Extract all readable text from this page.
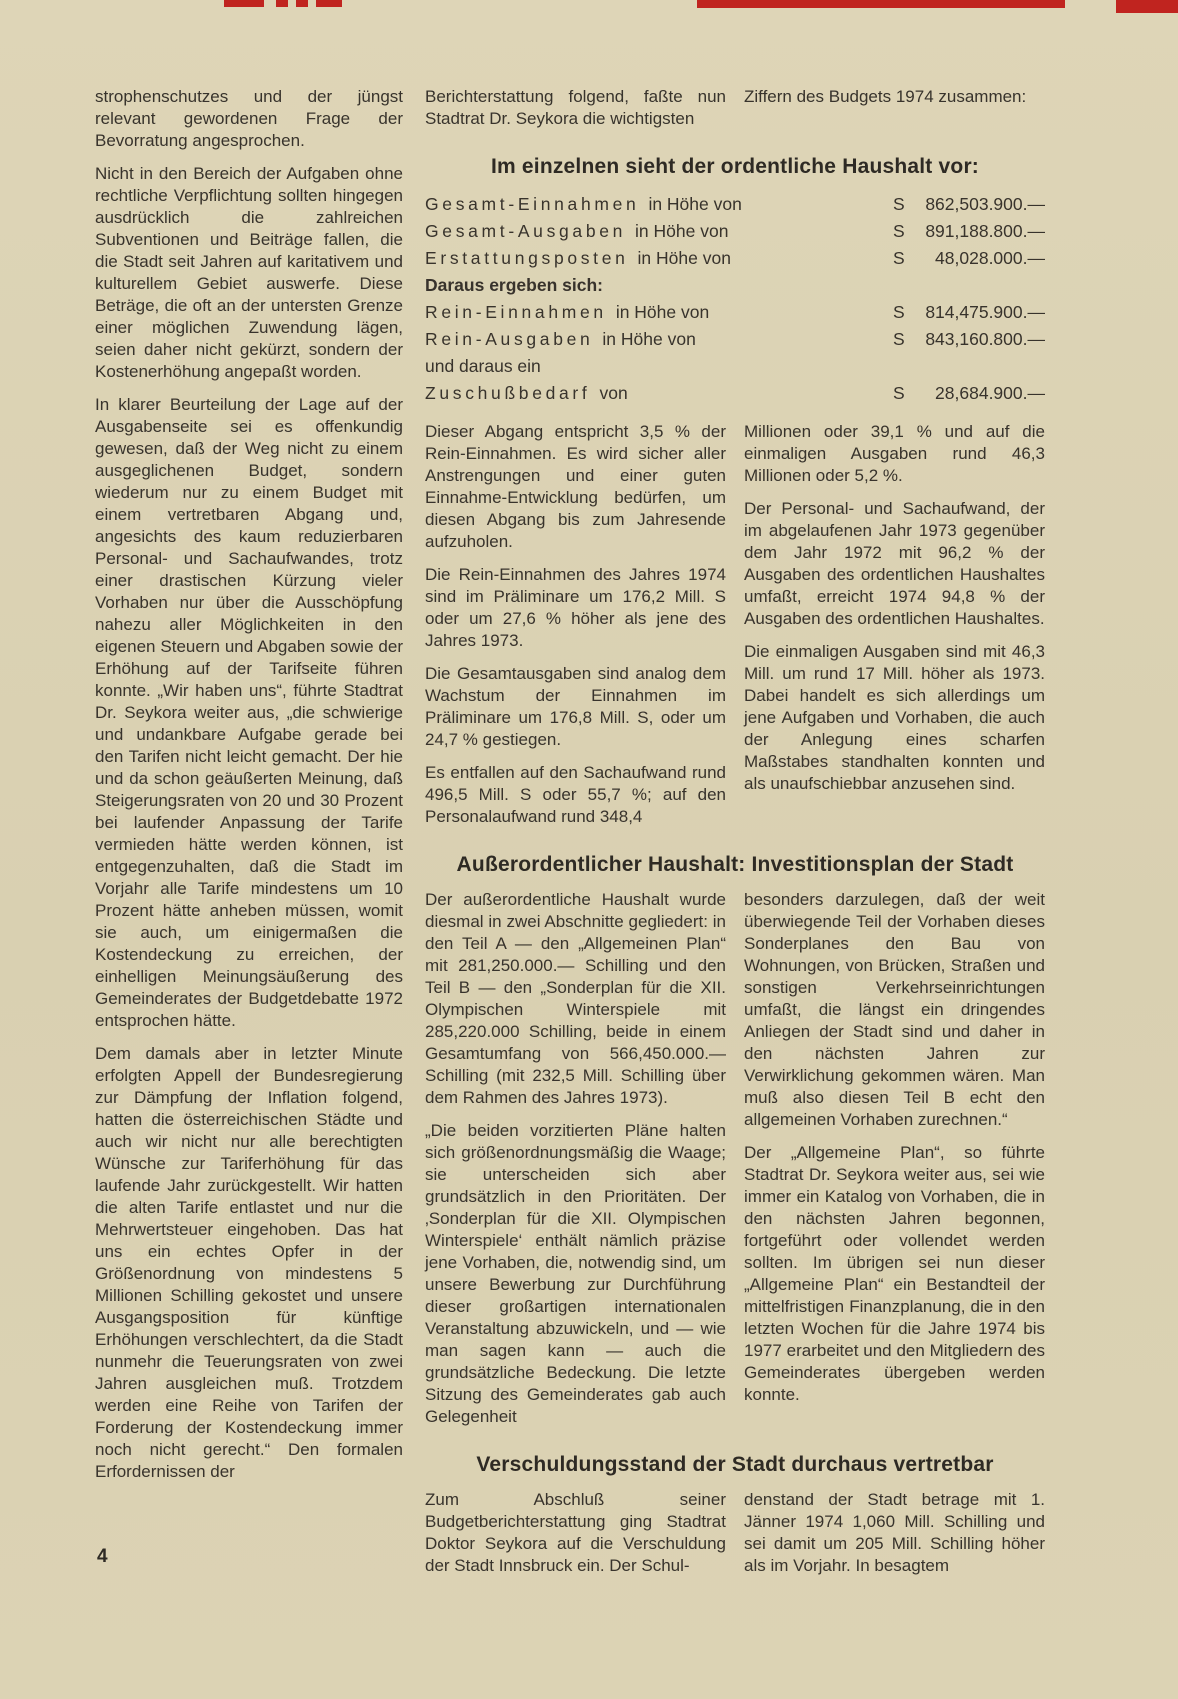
strophenschutzes und der jüngst relevant gewordenen Frage der Bevorratung angesprochen.

Nicht in den Bereich der Aufgaben ohne rechtliche Verpflichtung sollten hingegen ausdrücklich die zahlreichen Subventionen und Beiträge fallen, die die Stadt seit Jahren auf karitativem und kulturellem Gebiet auswerfe. Diese Beträge, die oft an der untersten Grenze einer möglichen Zuwendung lägen, seien daher nicht gekürzt, sondern der Kostenerhöhung angepaßt worden.

In klarer Beurteilung der Lage auf der Ausgabenseite sei es offenkundig gewesen, daß der Weg nicht zu einem ausgeglichenen Budget, sondern wiederum nur zu einem Budget mit einem vertretbaren Abgang und, angesichts des kaum reduzierbaren Personal- und Sachaufwandes, trotz einer drastischen Kürzung vieler Vorhaben nur über die Ausschöpfung nahezu aller Möglichkeiten in den eigenen Steuern und Abgaben sowie der Erhöhung auf der Tarifseite führen konnte. „Wir haben uns“, führte Stadtrat Dr. Seykora weiter aus, „die schwierige und undankbare Aufgabe gerade bei den Tarifen nicht leicht gemacht. Der hie und da schon geäußerten Meinung, daß Steigerungsraten von 20 und 30 Prozent bei laufender Anpassung der Tarife vermieden hätte werden können, ist entgegenzuhalten, daß die Stadt im Vorjahr alle Tarife mindestens um 10 Prozent hätte anheben müssen, womit sie auch, um einigermaßen die Kostendeckung zu erreichen, der einhelligen Meinungsäußerung des Gemeinderates der Budgetdebatte 1972 entsprochen hätte.

Dem damals aber in letzter Minute erfolgten Appell der Bundesregierung zur Dämpfung der Inflation folgend, hatten die österreichischen Städte und auch wir nicht nur alle berechtigten Wünsche zur Tariferhöhung für das laufende Jahr zurückgestellt. Wir hatten die alten Tarife entlastet und nur die Mehrwertsteuer eingehoben. Das hat uns ein echtes Opfer in der Größenordnung von mindestens 5 Millionen Schilling gekostet und unsere Ausgangsposition für künftige Erhöhungen verschlechtert, da die Stadt nunmehr die Teuerungsraten von zwei Jahren ausgleichen muß. Trotzdem werden eine Reihe von Tarifen der Forderung der Kostendeckung immer noch nicht gerecht.“ Den formalen Erfordernissen der

Berichterstattung folgend, faßte nun Stadtrat Dr. Seykora die wichtigsten

Ziffern des Budgets 1974 zusammen:

Im einzelnen sieht der ordentliche Haushalt vor:
Gesamt-Einnahmen in Höhe von	S 862,503.900.—
Gesamt-Ausgaben in Höhe von	S 891,188.800.—
Erstattungsposten in Höhe von	S 48,028.000.—
Daraus ergeben sich:
Rein-Einnahmen in Höhe von	S 814,475.900.—
Rein-Ausgaben in Höhe von	S 843,160.800.—
und daraus ein
Zuschußbedarf von	S 28,684.900.—

Dieser Abgang entspricht 3,5 % der Rein-Einnahmen. Es wird sicher aller Anstrengungen und einer guten Einnahme-Entwicklung bedürfen, um diesen Abgang bis zum Jahresende aufzuholen.

Die Rein-Einnahmen des Jahres 1974 sind im Präliminare um 176,2 Mill. S oder um 27,6 % höher als jene des Jahres 1973.

Die Gesamtausgaben sind analog dem Wachstum der Einnahmen im Präliminare um 176,8 Mill. S, oder um 24,7 % gestiegen.

Es entfallen auf den Sachaufwand rund 496,5 Mill. S oder 55,7 %; auf den Personalaufwand rund 348,4

Millionen oder 39,1 % und auf die einmaligen Ausgaben rund 46,3 Millionen oder 5,2 %.

Der Personal- und Sachaufwand, der im abgelaufenen Jahr 1973 gegenüber dem Jahr 1972 mit 96,2 % der Ausgaben des ordentlichen Haushaltes umfaßt, erreicht 1974 94,8 % der Ausgaben des ordentlichen Haushaltes.

Die einmaligen Ausgaben sind mit 46,3 Mill. um rund 17 Mill. höher als 1973. Dabei handelt es sich allerdings um jene Aufgaben und Vorhaben, die auch der Anlegung eines scharfen Maßstabes standhalten konnten und als unaufschiebbar anzusehen sind.

Außerordentlicher Haushalt: Investitionsplan der Stadt

Der außerordentliche Haushalt wurde diesmal in zwei Abschnitte gegliedert: in den Teil A — den „Allgemeinen Plan“ mit 281,250.000.— Schilling und den Teil B — den „Sonderplan für die XII. Olympischen Winterspiele mit 285,220.000 Schilling, beide in einem Gesamtumfang von 566,450.000.— Schilling (mit 232,5 Mill. Schilling über dem Rahmen des Jahres 1973).

„Die beiden vorzitierten Pläne halten sich größenordnungsmäßig die Waage; sie unterscheiden sich aber grundsätzlich in den Prioritäten. Der ‚Sonderplan für die XII. Olympischen Winterspiele‘ enthält nämlich präzise jene Vorhaben, die, notwendig sind, um unsere Bewerbung zur Durchführung dieser großartigen internationalen Veranstaltung abzuwickeln, und — wie man sagen kann — auch die grundsätzliche Bedeckung. Die letzte Sitzung des Gemeinderates gab auch Gelegenheit

besonders darzulegen, daß der weit überwiegende Teil der Vorhaben dieses Sonderplanes den Bau von Wohnungen, von Brücken, Straßen und sonstigen Verkehrseinrichtungen umfaßt, die längst ein dringendes Anliegen der Stadt sind und daher in den nächsten Jahren zur Verwirklichung gekommen wären. Man muß also diesen Teil B echt den allgemeinen Vorhaben zurechnen.“

Der „Allgemeine Plan“, so führte Stadtrat Dr. Seykora weiter aus, sei wie immer ein Katalog von Vorhaben, die in den nächsten Jahren begonnen, fortgeführt oder vollendet werden sollten. Im übrigen sei nun dieser „Allgemeine Plan“ ein Bestandteil der mittelfristigen Finanzplanung, die in den letzten Wochen für die Jahre 1974 bis 1977 erarbeitet und den Mitgliedern des Gemeinderates übergeben werden konnte.

Verschuldungsstand der Stadt durchaus vertretbar

Zum Abschluß seiner Budgetberichterstattung ging Stadtrat Doktor Seykora auf die Verschuldung der Stadt Innsbruck ein. Der Schul-

denstand der Stadt betrage mit 1. Jänner 1974 1,060 Mill. Schilling und sei damit um 205 Mill. Schilling höher als im Vorjahr. In besagtem

4
